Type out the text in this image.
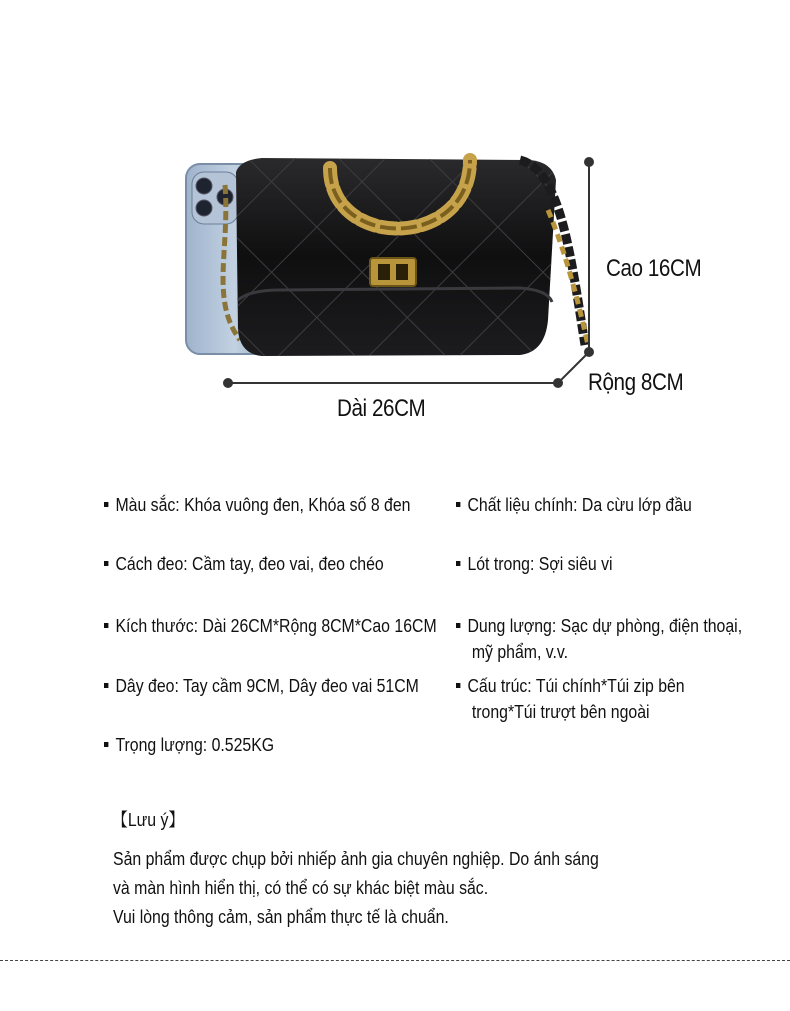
Cao 16CM
Rộng 8CM
Dài 26CM
Màu sắc: Khóa vuông đen, Khóa số 8 đen
Cách đeo: Cầm tay, đeo vai, đeo chéo
Kích thước: Dài 26CM*Rộng 8CM*Cao 16CM
Dây đeo: Tay cầm 9CM, Dây đeo vai 51CM
Trọng lượng: 0.525KG
Chất liệu chính: Da cừu lớp đầu
Lót trong: Sợi siêu vi
Dung lượng: Sạc dự phòng, điện thoại,
mỹ phẩm, v.v.
Cấu trúc: Túi chính*Túi zip bên
trong*Túi trượt bên ngoài
【Lưu ý】
Sản phẩm được chụp bởi nhiếp ảnh gia chuyên nghiệp. Do ánh sáng
và màn hình hiển thị, có thể có sự khác biệt màu sắc.
Vui lòng thông cảm, sản phẩm thực tế là chuẩn.
